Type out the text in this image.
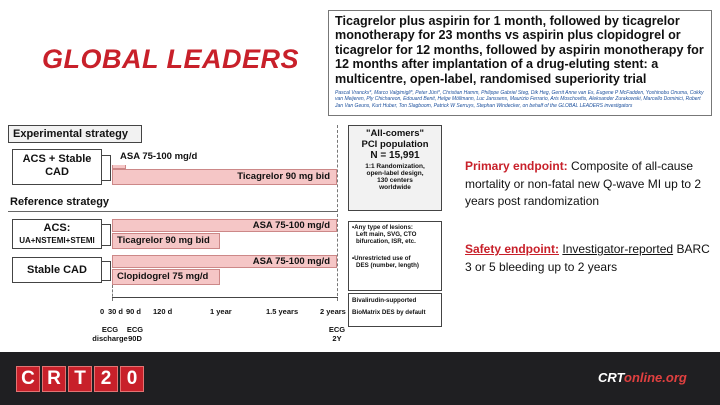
GLOBAL LEADERS
Ticagrelor plus aspirin for 1 month, followed by ticagrelor monotherapy for 23 months vs aspirin plus clopidogrel or ticagrelor for 12 months, followed by aspirin monotherapy for 12 months after implantation of a drug-eluting stent: a multicentre, open-label, randomised superiority trial
Pascal Vranckx*, Marco Valgimigli*, Peter Jüni*, Christian Hamm, Philippe Gabriel Steg, Dik Heg, Gerrit Anne van Es, Eugene P McFadden, Yoshinobu Onuma, Cokky van Meijeren, Ply Chichareon, Edouard Benit, Helge Möllmann, Luc Janssens, Maurizio Ferrario, Aris Moschovitis, Aleksander Zurakowski, Marcello Dominici, Robert Jan Van Geuns, Kurt Huber, Ton Slagboom, Patrick W Serruys, Stephan Windecker, on behalf of the GLOBAL LEADERS investigators
Experimental strategy
ACS + Stable CAD
ASA 75-100 mg/d
Ticagrelor 90 mg bid
Reference strategy
ACS:
UA+NSTEMI+STEMI
ASA 75-100 mg/d
Ticagrelor 90 mg bid
Stable CAD
ASA 75-100 mg/d
Clopidogrel 75 mg/d
0 30 d 90 d 120 d	1 year	1.5 years	2 years
ECG
discharge
ECG
90D
ECG
2Y
"All-comers"
PCI population
N = 15,991
1:1 Randomization,
open-label design,
130 centers
worldwide
•Any type of lesions:
Left main, SVG, CTO
bifurcation, ISR, etc.
•Unrestricted use of
DES (number, length)
Bivalirudin-supported
BioMatrix DES by default
Primary endpoint: Composite of all-cause mortality or non-fatal new Q-wave MI up to 2 years post randomization
Safety endpoint: Investigator-reported BARC 3 or 5 bleeding up to 2 years
C R T 2 0	CRTonline.org
